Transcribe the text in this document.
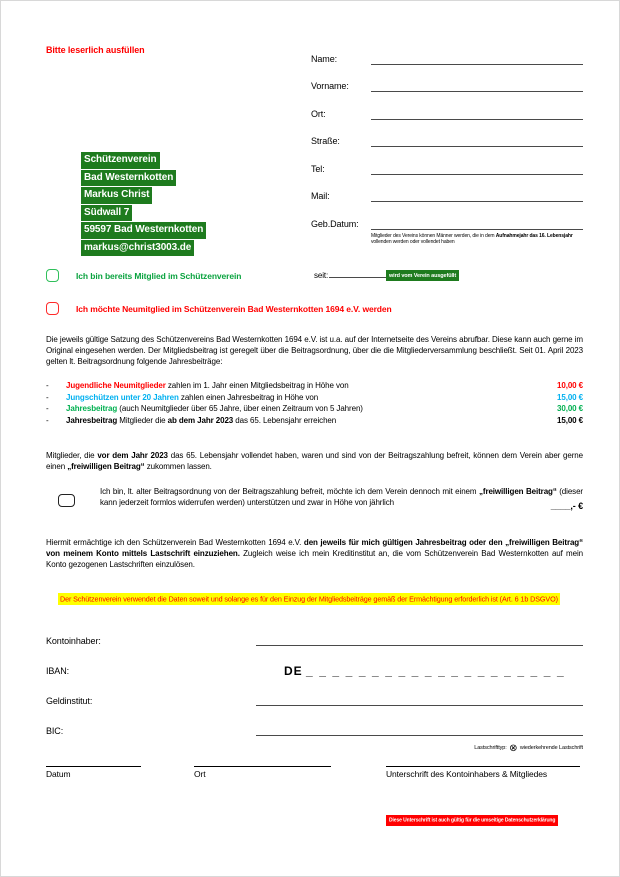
Bitte leserlich ausfüllen
Name:
Vorname:
Ort:
Straße:
Tel:
Mail:
Geb.Datum:
Mitglieder des Vereins können Männer werden, die in dem Aufnahmejahr das 16. Lebensjahr vollenden werden oder vollendet haben
Schützenverein
Bad Westernkotten
Markus Christ
Südwall 7
59597 Bad Westernkotten
markus@christ3003.de
Ich bin bereits Mitglied im Schützenverein	seit:	wird vom Verein ausgefüllt
Ich möchte Neumitglied im Schützenverein Bad Westernkotten 1694 e.V. werden
Die jeweils gültige Satzung des Schützenvereins Bad Westernkotten 1694 e.V. ist u.a. auf der Internetseite des Vereins abrufbar. Diese kann auch gerne im Original eingesehen werden. Der Mitgliedsbeitrag ist geregelt über die Beitragsordnung, über die die Mitgliederversammlung beschließt. Seit 01. April 2023 gelten lt. Beitragsordnung folgende Jahresbeiträge:
-	Jugendliche Neumitglieder zahlen im 1. Jahr einen Mitgliedsbeitrag in Höhe von	10,00 €
-	Jungschützen unter 20 Jahren zahlen einen Jahresbeitrag in Höhe von	15,00 €
-	Jahresbeitrag (auch Neumitglieder über 65 Jahre, über einen Zeitraum von 5 Jahren)	30,00 €
-	Jahresbeitrag Mitglieder die ab dem Jahr 2023 das 65. Lebensjahr erreichen	15,00 €
Mitglieder, die vor dem Jahr 2023 das 65. Lebensjahr vollendet haben, waren und sind von der Beitragszahlung befreit, können dem Verein aber gerne einen „freiwilligen Beitrag“ zukommen lassen.
Ich bin, lt. alter Beitragsordnung von der Beitragszahlung befreit, möchte ich dem Verein dennoch mit einem „freiwilligen Beitrag“ (dieser kann jederzeit formlos widerrufen werden) unterstützen und zwar in Höhe von jährlich	____,- €
Hiermit ermächtige ich den Schützenverein Bad Westernkotten 1694 e.V. den jeweils für mich gültigen Jahresbeitrag oder den „freiwilligen Beitrag“ von meinem Konto mittels Lastschrift einzuziehen. Zugleich weise ich mein Kreditinstitut an, die vom Schützenverein Bad Westernkotten auf mein Konto gezogenen Lastschriften einzulösen.
Der Schützenverein verwendet die Daten soweit und solange es für den Einzug der Mitgliedsbeiträge gemäß der Ermächtigung erforderlich ist (Art. 6 1b DSGVO)
Kontoinhaber:
IBAN:	DE _ _ _ _ _ _ _ _ _ _ _ _ _ _ _ _ _ _ _ _
Geldinstitut:
BIC:
Lastschrifttyp: ⊗ wiederkehrende Lastschrift
Datum	Ort	Unterschrift des Kontoinhabers & Mitgliedes
Diese Unterschrift ist auch gültig für die umseitige Datenschutzerklärung
